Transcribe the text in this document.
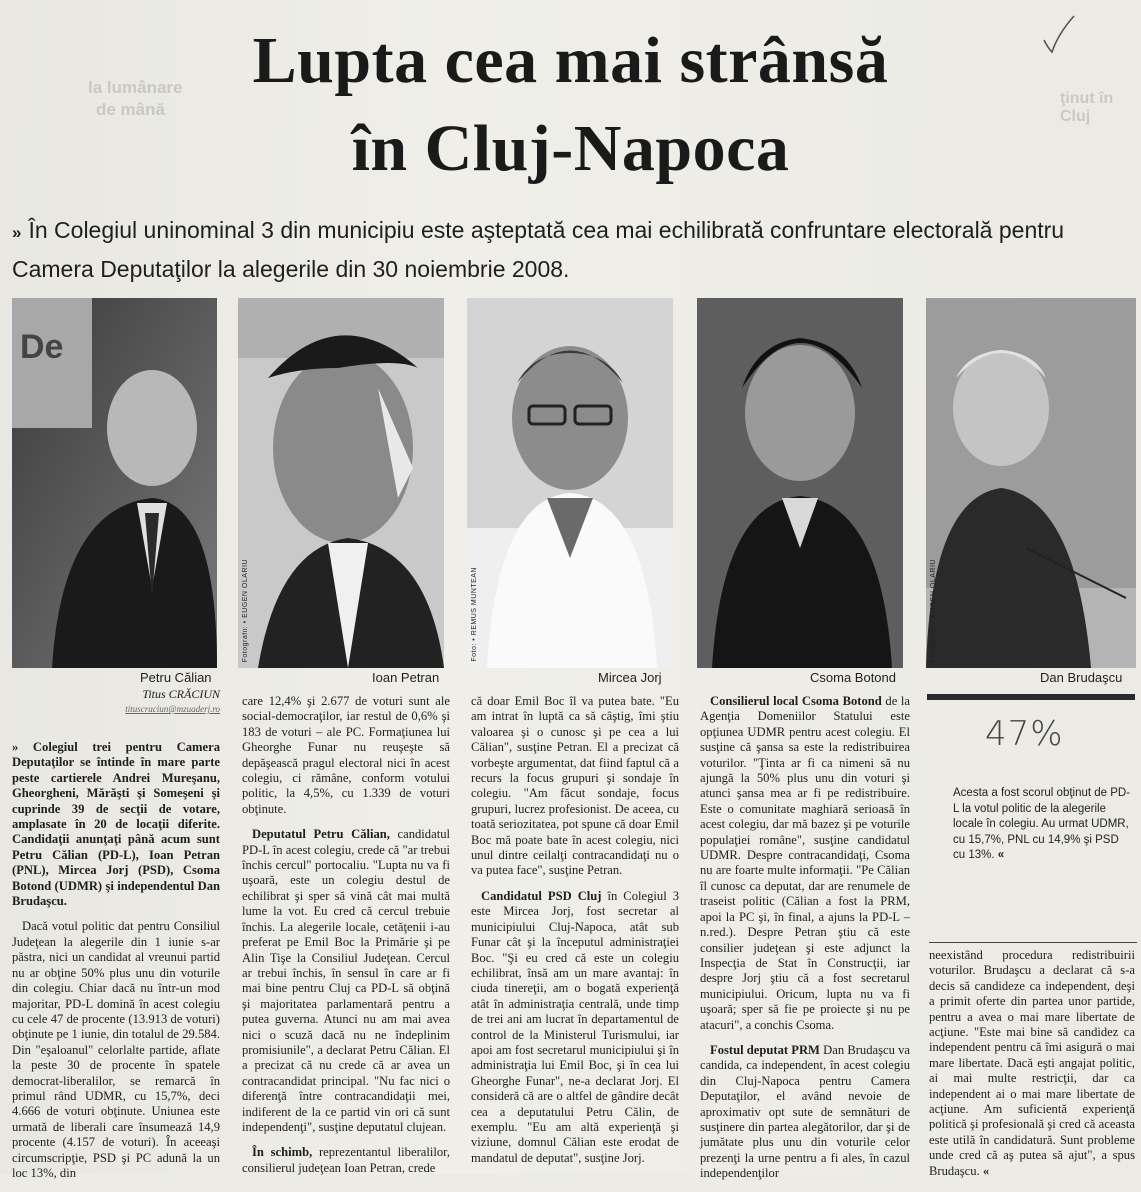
la lumânare
de mână
ţinut în Cluj
Lupta cea mai strânsă
în Cluj-Napoca
» În Colegiul uninominal 3 din municipiu este aşteptată cea mai echilibrată confruntare electorală pentru Camera Deputaţilor la alegerile din 30 noiembrie 2008.
De
Fotografii: • EUGEN OLARIU	Foto: • REMUS MUNTEAN	Fotografii: • EUGEN OLARIU
Petru Călian	Ioan Petran	Mircea Jorj	Csoma Botond	Dan Brudaşcu
Titus CRĂCIUN
tituscraciun@mzuaderj.ro

» Colegiul trei pentru Camera Deputaţilor se întinde în mare parte peste cartierele Andrei Mureşanu, Gheorgheni, Mărăşti şi Someşeni şi cuprinde 39 de secţii de votare, amplasate în 20 de locaţii diferite. Candidaţii anunţaţi până acum sunt Petru Călian (PD-L), Ioan Petran (PNL), Mircea Jorj (PSD), Csoma Botond (UDMR) şi independentul Dan Brudaşcu.

Dacă votul politic dat pentru Consiliul Judeţean la alegerile din 1 iunie s-ar păstra, nici un candidat al vreunui partid nu ar obţine 50% plus unu din voturile din colegiu. Chiar dacă nu într-un mod majoritar, PD-L domină în acest colegiu cu cele 47 de procente (13.913 de voturi) obţinute pe 1 iunie, din totalul de 29.584. Din "eşaloanul" celorlalte partide, aflate la peste 30 de procente în spatele democrat-liberalilor, se remarcă în primul rând UDMR, cu 15,7%, deci 4.666 de voturi obţinute. Uniunea este urmată de liberali care însumează 14,9 procente (4.157 de voturi). În aceeaşi circumscripţie, PSD şi PC adună la un loc 13%, din

care 12,4% şi 2.677 de voturi sunt ale social-democraţilor, iar restul de 0,6% şi 183 de voturi – ale PC. Formaţiunea lui Gheorghe Funar nu reuşeşte să depăşească pragul electoral nici în acest colegiu, ci rămâne, conform votului politic, la 4,5%, cu 1.339 de voturi obţinute.

Deputatul Petru Călian, candidatul PD-L în acest colegiu, crede că "ar trebui închis cercul" portocaliu. "Lupta nu va fi uşoară, este un colegiu destul de echilibrat şi sper să vină cât mai multă lume la vot. Eu cred că cercul trebuie închis. La alegerile locale, cetăţenii i-au preferat pe Emil Boc la Primărie şi pe Alin Tişe la Consiliul Judeţean. Cercul ar trebui închis, în sensul în care ar fi mai bine pentru Cluj ca PD-L să obţină şi majoritatea parlamentară pentru a putea guverna. Atunci nu am mai avea nici o scuză dacă nu ne îndeplinim promisiunile", a declarat Petru Călian. El a precizat că nu crede că ar avea un contracandidat principal. "Nu fac nici o diferenţă între contracandidaţii mei, indiferent de la ce partid vin ori că sunt independenţi", susţine deputatul clujean.

În schimb, reprezentantul liberalilor, consilierul judeţean Ioan Petran, crede

că doar Emil Boc îl va putea bate. "Eu am intrat în luptă ca să câştig, îmi ştiu valoarea şi o cunosc şi pe cea a lui Călian", susţine Petran. El a precizat că vorbeşte argumentat, dat fiind faptul că a recurs la focus grupuri şi sondaje în colegiu. "Am făcut sondaje, focus grupuri, lucrez profesionist. De aceea, cu toată seriozitatea, pot spune că doar Emil Boc mă poate bate în acest colegiu, nici unul dintre ceilalţi contracandidaţi nu o va putea face", susţine Petran.

Candidatul PSD Cluj în Colegiul 3 este Mircea Jorj, fost secretar al municipiului Cluj-Napoca, atât sub Funar cât şi la începutul administraţiei Boc. "Şi eu cred că este un colegiu echilibrat, însă am un mare avantaj: în ciuda tinereţii, am o bogată experienţă atât în administraţia centrală, unde timp de trei ani am lucrat în departamentul de control de la Ministerul Turismului, iar apoi am fost secretarul municipiului şi în administraţia lui Emil Boc, şi în cea lui Gheorghe Funar", ne-a declarat Jorj. El consideră că are o altfel de gândire decât cea a deputatului Petru Călin, de exemplu. "Eu am altă experienţă şi viziune, domnul Călian este erodat de mandatul de deputat", susţine Jorj.

Consilierul local Csoma Botond de la Agenţia Domeniilor Statului este opţiunea UDMR pentru acest colegiu. El susţine că şansa sa este la redistribuirea voturilor. "Ţinta ar fi ca nimeni să nu ajungă la 50% plus unu din voturi şi atunci şansa mea ar fi pe redistribuire. Este o comunitate maghiară serioasă în acest colegiu, dar mă bazez şi pe voturile populaţiei române", susţine candidatul UDMR. Despre contracandidaţi, Csoma nu are foarte multe informaţii. "Pe Călian îl cunosc ca deputat, dar are renumele de traseist politic (Călian a fost la PRM, apoi la PC şi, în final, a ajuns la PD-L – n.red.). Despre Petran ştiu că este consilier judeţean şi este adjunct la Inspecţia de Stat în Construcţii, iar despre Jorj ştiu că a fost secretarul municipiului. Oricum, lupta nu va fi uşoară; sper să fie pe proiecte şi nu pe atacuri", a conchis Csoma.

Fostul deputat PRM Dan Brudaşcu va candida, ca independent, în acest colegiu din Cluj-Napoca pentru Camera Deputaţilor, el având nevoie de aproximativ opt sute de semnături de susţinere din partea alegătorilor, dar şi de jumătate plus unu din voturile celor prezenţi la urne pentru a fi ales, în cazul independenţilor

47%
Acesta a fost scorul obţinut de PD-L la votul politic de la alegerile locale în colegiu. Au urmat UDMR, cu 15,7%, PNL cu 14,9% şi PSD cu 13%. «

neexistând procedura redistribuirii voturilor. Brudaşcu a declarat că s-a decis să candideze ca independent, deşi a primit oferte din partea unor partide, pentru a avea o mai mare libertate de acţiune. "Este mai bine să candidez ca independent pentru că îmi asigură o mai mare libertate. Dacă eşti angajat politic, ai mai multe restricţii, dar ca independent ai o mai mare libertate de acţiune. Am suficientă experienţă politică şi profesională şi cred că aceasta este utilă în candidatură. Sunt probleme unde cred că aş putea să ajut", a spus Brudaşcu. «
